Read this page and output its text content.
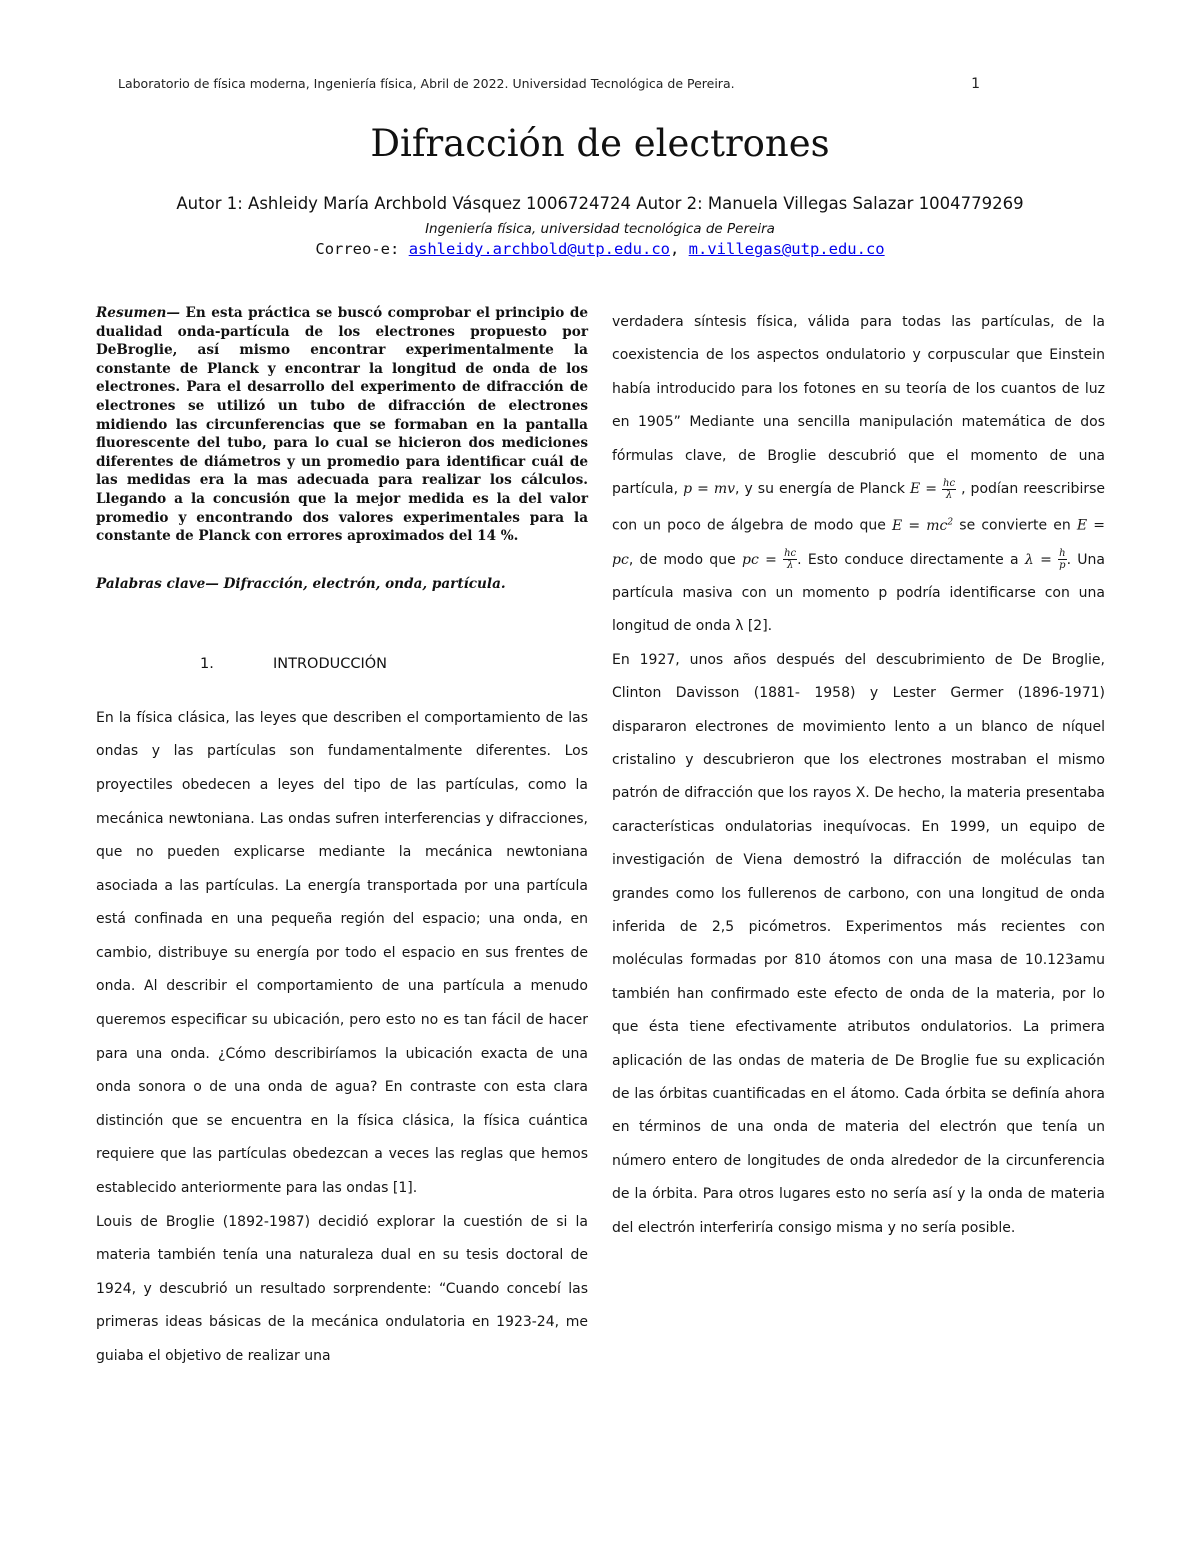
Laboratorio de física moderna, Ingeniería física, Abril de 2022. Universidad Tecnológica de Pereira.	1
Difracción de electrones
Autor 1: Ashleidy María Archbold Vásquez 1006724724 Autor 2: Manuela Villegas Salazar 1004779269
Ingeniería física, universidad tecnológica de Pereira
Correo-e: ashleidy.archbold@utp.edu.co, m.villegas@utp.edu.co

Resumen— En esta práctica se buscó comprobar el principio de dualidad onda-partícula de los electrones propuesto por DeBroglie, así mismo encontrar experimentalmente la constante de Planck y encontrar la longitud de onda de los electrones. Para el desarrollo del experimento de difracción de electrones se utilizó un tubo de difracción de electrones midiendo las circunferencias que se formaban en la pantalla fluorescente del tubo, para lo cual se hicieron dos mediciones diferentes de diámetros y un promedio para identificar cuál de las medidas era la mas adecuada para realizar los cálculos. Llegando a la concusión que la mejor medida es la del valor promedio y encontrando dos valores experimentales para la constante de Planck con errores aproximados del 14 %.

Palabras clave— Difracción, electrón, onda, partícula.

1.	INTRODUCCIÓN

En la física clásica, las leyes que describen el comportamiento de las ondas y las partículas son fundamentalmente diferentes. Los proyectiles obedecen a leyes del tipo de las partículas, como la mecánica newtoniana. Las ondas sufren interferencias y difracciones, que no pueden explicarse mediante la mecánica newtoniana asociada a las partículas. La energía transportada por una partícula está confinada en una pequeña región del espacio; una onda, en cambio, distribuye su energía por todo el espacio en sus frentes de onda. Al describir el comportamiento de una partícula a menudo queremos especificar su ubicación, pero esto no es tan fácil de hacer para una onda. ¿Cómo describiríamos la ubicación exacta de una onda sonora o de una onda de agua? En contraste con esta clara distinción que se encuentra en la física clásica, la física cuántica requiere que las partículas obedezcan a veces las reglas que hemos establecido anteriormente para las ondas [1].

Louis de Broglie (1892-1987) decidió explorar la cuestión de si la materia también tenía una naturaleza dual en su tesis doctoral de 1924, y descubrió un resultado sorprendente: “Cuando concebí las primeras ideas básicas de la mecánica ondulatoria en 1923-24, me guiaba el objetivo de realizar una

verdadera síntesis física, válida para todas las partículas, de la coexistencia de los aspectos ondulatorio y corpuscular que Einstein había introducido para los fotones en su teoría de los cuantos de luz en 1905” Mediante una sencilla manipulación matemática de dos fórmulas clave, de Broglie descubrió que el momento de una partícula, p = mv, y su energía de Planck $E = \frac{hc}{\lambda}$ , podían reescribirse con un poco de álgebra de modo que $E = mc^2$ se convierte en E = pc, de modo que pc = $\frac{hc}{\lambda}$ . Esto conduce directamente a $\lambda = \frac{h}{p}$ . Una partícula masiva con un momento p podría identificarse con una longitud de onda λ [2].

En 1927, unos años después del descubrimiento de De Broglie, Clinton Davisson (1881- 1958) y Lester Germer (1896-1971) dispararon electrones de movimiento lento a un blanco de níquel cristalino y descubrieron que los electrones mostraban el mismo patrón de difracción que los rayos X. De hecho, la materia presentaba características ondulatorias inequívocas. En 1999, un equipo de investigación de Viena demostró la difracción de moléculas tan grandes como los fullerenos de carbono, con una longitud de onda inferida de 2,5 picómetros. Experimentos más recientes con moléculas formadas por 810 átomos con una masa de 10.123amu también han confirmado este efecto de onda de la materia, por lo que ésta tiene efectivamente atributos ondulatorios. La primera aplicación de las ondas de materia de De Broglie fue su explicación de las órbitas cuantificadas en el átomo. Cada órbita se definía ahora en términos de una onda de materia del electrón que tenía un número entero de longitudes de onda alrededor de la circunferencia de la órbita. Para otros lugares esto no sería así y la onda de materia del electrón interferiría consigo misma y no sería posible.
